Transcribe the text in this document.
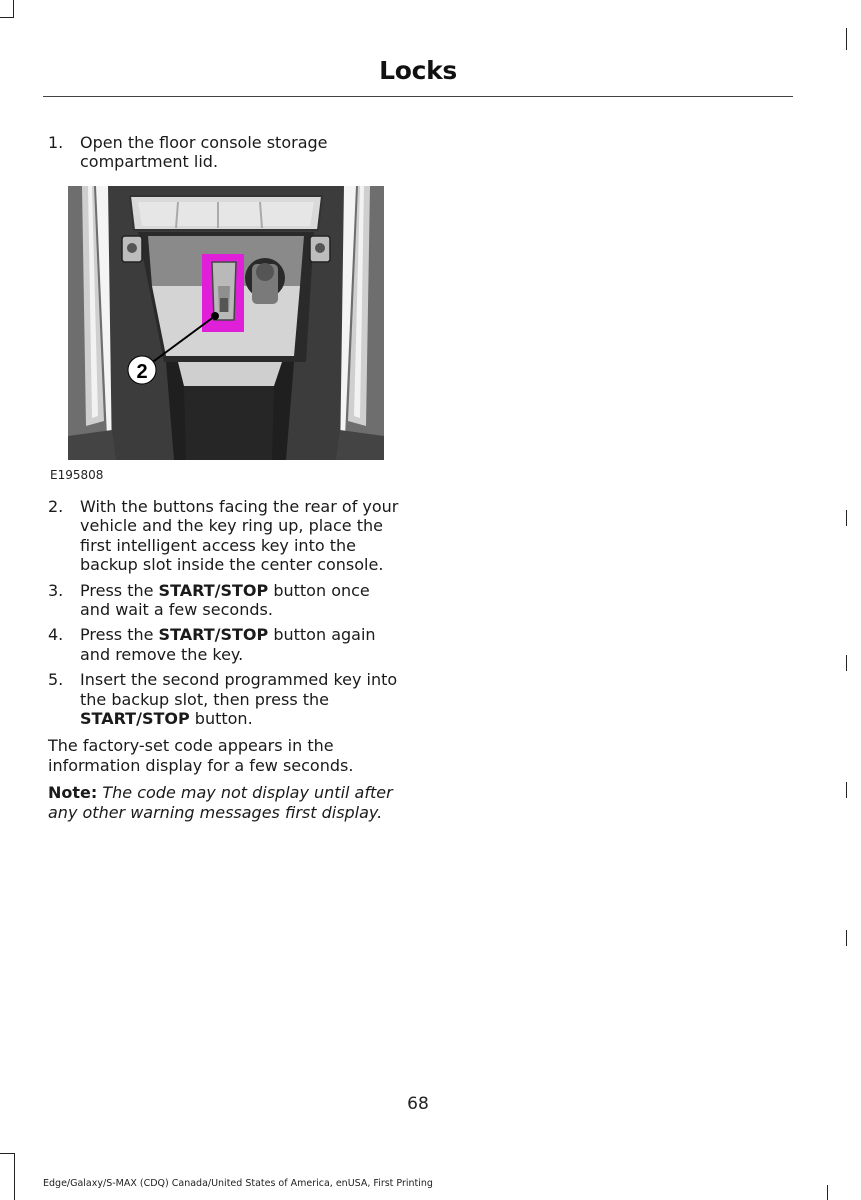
Locks
1. Open the floor console storage compartment lid.
2
E195808
2. With the buttons facing the rear of your vehicle and the key ring up, place the first intelligent access key into the backup slot inside the center console.
3. Press the START/STOP button once and wait a few seconds.
4. Press the START/STOP button again and remove the key.
5. Insert the second programmed key into the backup slot, then press the START/STOP button.

The factory-set code appears in the information display for a few seconds.

Note: The code may not display until after any other warning messages first display.

68
Edge/Galaxy/S-MAX (CDQ) Canada/United States of America, enUSA, First Printing
